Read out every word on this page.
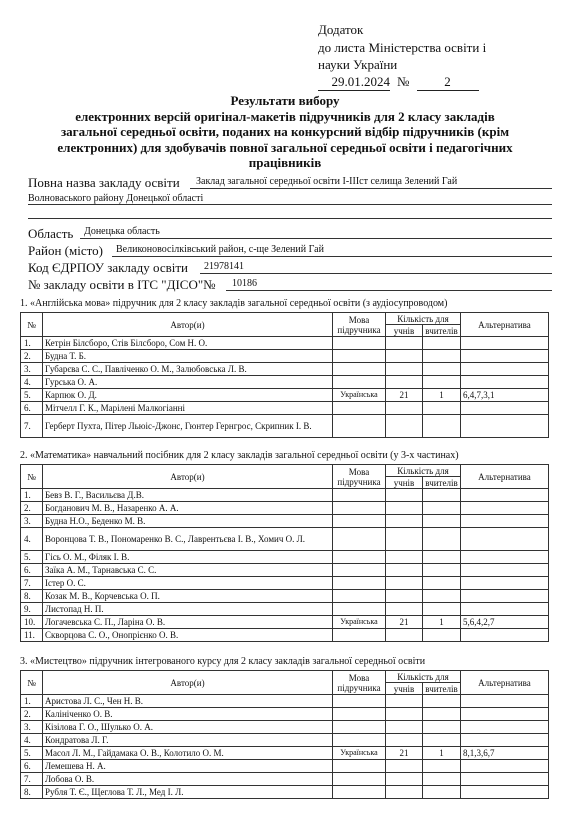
Додаток
до листа Міністерства освіти і
науки України
29.01.2024 №	2
Результати вибору
електронних версій оригінал-макетів підручників для 2 класу закладів
загальної середньої освіти, поданих на конкурсний відбір підручників (крім
електронних) для здобувачів повної загальної середньої освіти і педагогічних
працівників
Повна назва закладу освіти Заклад загальної середньої освіти І-ІІІст селища Зелений Гай
Волноваського району Донецької області
Область Донецька область
Район (місто) Великоновосілківський район, с-ще Зелений Гай
Код ЄДРПОУ закладу освіти 21978141
№ закладу освіти в ІТС "ДІСО"№ 10186
1. «Англійська мова» підручник для 2 класу закладів загальної середньої освіти (з аудіосупроводом)
№	Автор(и)	Мова підручника	Кількість для		Альтернатива
			учнів	вчителів	
1.	Кетрін Білсборо, Стів Білсборо, Сом Н. О.				
2.	Будна Т. Б.				
3.	Губарєва С. С., Павліченко О. М., Залюбовська Л. В.				
4.	Гурська О. А.				
5.	Карпюк О. Д.	Українська	21	1	6,4,7,3,1
6.	Мітчелл Г. К., Марілені Малкогіанні				
7.	Герберт Пухта, Пітер Льюіс-Джонс, Гюнтер Гернгрос, Скрипник І. В.				
2. «Математика» навчальний посібник для 2 класу закладів загальної середньої освіти (у 3-х частинах)
№	Автор(и)	Мова підручника	Кількість для		Альтернатива
			учнів	вчителів	
1.	Бевз В. Г., Васильєва Д.В.				
2.	Богданович М. В., Назаренко А. А.				
3.	Будна Н.О., Беденко М. В.				
4.	Воронцова Т. В., Пономаренко В. С., Лаврентьєва І. В., Хомич О. Л.				
5.	Гісь О. М., Філяк І. В.				
6.	Заїка А. М., Тарнавська С. С.				
7.	Істер О. С.				
8.	Козак М. В., Корчевська О. П.				
9.	Листопад Н. П.				
10.	Логачевська С. П., Ларіна О. В.	Українська	21	1	5,6,4,2,7
11.	Скворцова С. О., Онопрієнко О. В.				
3. «Мистецтво» підручник інтегрованого курсу для 2 класу закладів загальної середньої освіти
№	Автор(и)	Мова підручника	Кількість для		Альтернатива
			учнів	вчителів	
1.	Аристова Л. С., Чен Н. В.				
2.	Калініченко О. В.				
3.	Кізілова Г. О., Шулько О. А.				
4.	Кондратова Л. Г.				
5.	Масол Л. М., Гайдамака О. В., Колотило О. М.	Українська	21	1	8,1,3,6,7
6.	Лемешева Н. А.				
7.	Лобова О. В.				
8.	Рубля Т. Є., Щеглова Т. Л., Мед І. Л.				
